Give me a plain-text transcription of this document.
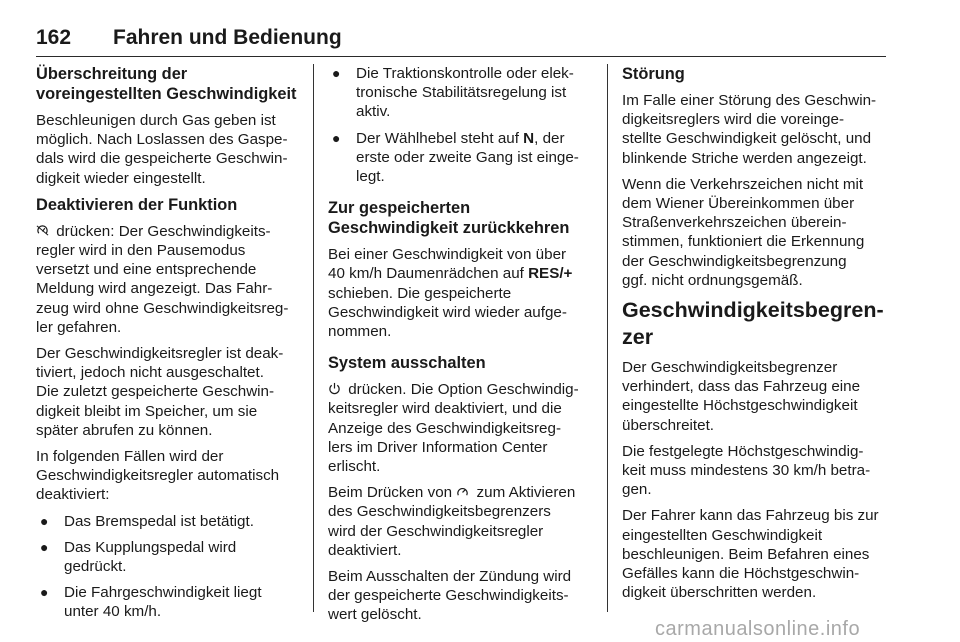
162 Fahren und Bedienung
Überschreitung der
voreingestellten Geschwindigkeit

Beschleunigen durch Gas geben ist
möglich. Nach Loslassen des Gaspe-
dals wird die gespeicherte Geschwin-
digkeit wieder eingestellt.

Deaktivieren der Funktion

drücken: Der Geschwindigkeits-
regler wird in den Pausemodus
versetzt und eine entsprechende
Meldung wird angezeigt. Das Fahr-
zeug wird ohne Geschwindigkeitsreg-
ler gefahren.

Der Geschwindigkeitsregler ist deak-
tiviert, jedoch nicht ausgeschaltet.
Die zuletzt gespeicherte Geschwin-
digkeit bleibt im Speicher, um sie
später abrufen zu können.

In folgenden Fällen wird der
Geschwindigkeitsregler automatisch
deaktiviert:

● Das Bremspedal ist betätigt.
● Das Kupplungspedal wird
gedrückt.
● Die Fahrgeschwindigkeit liegt
unter 40 km/h.
● Die Traktionskontrolle oder elek-
tronische Stabilitätsregelung ist
aktiv.
● Der Wählhebel steht auf N, der
erste oder zweite Gang ist einge-
legt.
Zur gespeicherten
Geschwindigkeit zurückkehren

Bei einer Geschwindigkeit von über
40 km/h Daumenrädchen auf RES/+
schieben. Die gespeicherte
Geschwindigkeit wird wieder aufge-
nommen.

System ausschalten

drücken. Die Option Geschwindig-
keitsregler wird deaktiviert, und die
Anzeige des Geschwindigkeitsreg-
lers im Driver Information Center
erlischt.

Beim Drücken von  zum Aktivieren
des Geschwindigkeitsbegrenzers
wird der Geschwindigkeitsregler
deaktiviert.

Beim Ausschalten der Zündung wird
der gespeicherte Geschwindigkeits-
wert gelöscht.

Störung

Im Falle einer Störung des Geschwin-
digkeitsreglers wird die voreinge-
stellte Geschwindigkeit gelöscht, und
blinkende Striche werden angezeigt.

Wenn die Verkehrszeichen nicht mit
dem Wiener Übereinkommen über
Straßenverkehrszeichen überein-
stimmen, funktioniert die Erkennung
der Geschwindigkeitsbegrenzung
ggf. nicht ordnungsgemäß.

Geschwindigkeitsbegren-
zer

Der Geschwindigkeitsbegrenzer
verhindert, dass das Fahrzeug eine
eingestellte Höchstgeschwindigkeit
überschreitet.

Die festgelegte Höchstgeschwindig-
keit muss mindestens 30 km/h betra-
gen.

Der Fahrer kann das Fahrzeug bis zur
eingestellten Geschwindigkeit
beschleunigen. Beim Befahren eines
Gefälles kann die Höchstgeschwin-
digkeit überschritten werden.

carmanualsonline.info
